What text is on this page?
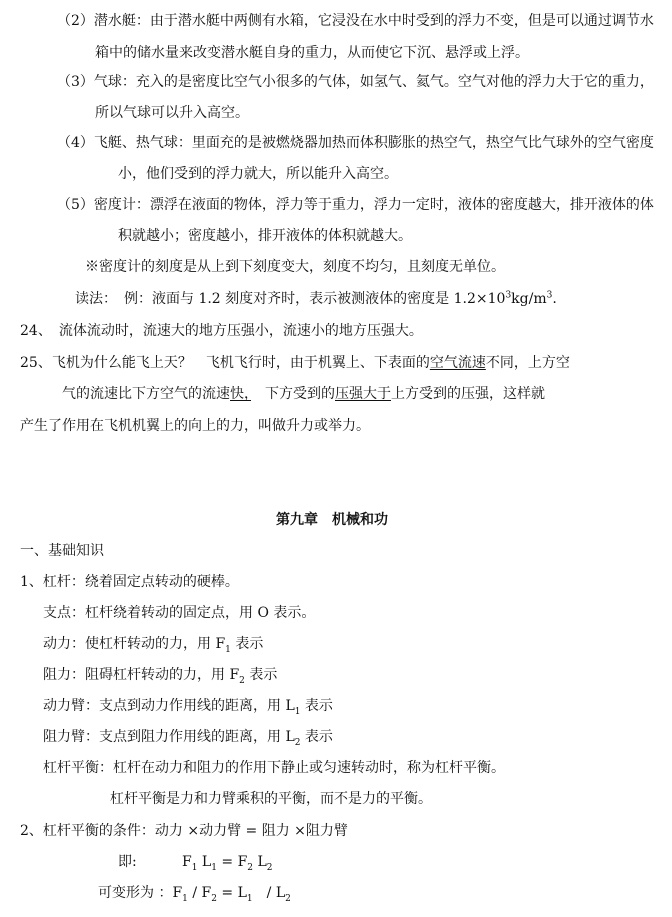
（2）潜水艇：由于潜水艇中两侧有水箱，它浸没在水中时受到的浮力不变，但是可以通过调节水
箱中的储水量来改变潜水艇自身的重力，从而使它下沉、悬浮或上浮。
（3）气球：充入的是密度比空气小很多的气体，如氢气、氦气。空气对他的浮力大于它的重力，
所以气球可以升入高空。
（4）飞艇、热气球：里面充的是被燃烧器加热而体积膨胀的热空气，热空气比气球外的空气密度
小，他们受到的浮力就大，所以能升入高空。
（5）密度计：漂浮在液面的物体，浮力等于重力，浮力一定时，液体的密度越大，排开液体的体
积就越小；密度越小，排开液体的体积就越大。
※密度计的刻度是从上到下刻度变大，刻度不均匀，且刻度无单位。
读法：　例：液面与 1.2 刻度对齐时，表示被测液体的密度是 $1.2\times 10^3kg/m^3$.
24、　流体流动时，流速大的地方压强小，流速小的地方压强大。
25、飞机为什么能飞上天？　飞机飞行时，由于机翼上、下表面的空气流速不同，上方空
气的流速比下方空气的流速快，　下方受到的压强大于上方受到的压强，这样就
产生了作用在飞机机翼上的向上的力，叫做升力或举力。
第九章　机械和功
一、基础知识
1、杠杆：绕着固定点转动的硬棒。
支点：杠杆绕着转动的固定点，用 O 表示。
动力：使杠杆转动的力，用 $F_1$ 表示
阻力：阻碍杠杆转动的力，用 $F_2$ 表示
动力臂：支点到动力作用线的距离，用 $L_1$ 表示
阻力臂：支点到阻力作用线的距离，用 $L_2$ 表示
杠杆平衡：杠杆在动力和阻力的作用下静止或匀速转动时，称为杠杆平衡。
杠杆平衡是力和力臂乘积的平衡，而不是力的平衡。
2、杠杆平衡的条件：动力 ×动力臂 = 阻力 ×阻力臂
即:	$F_1$ $L_1 = F_2$ $L_2$
可变形为 ：$F_1 / F_2 = L_1$　/ $L_2$
